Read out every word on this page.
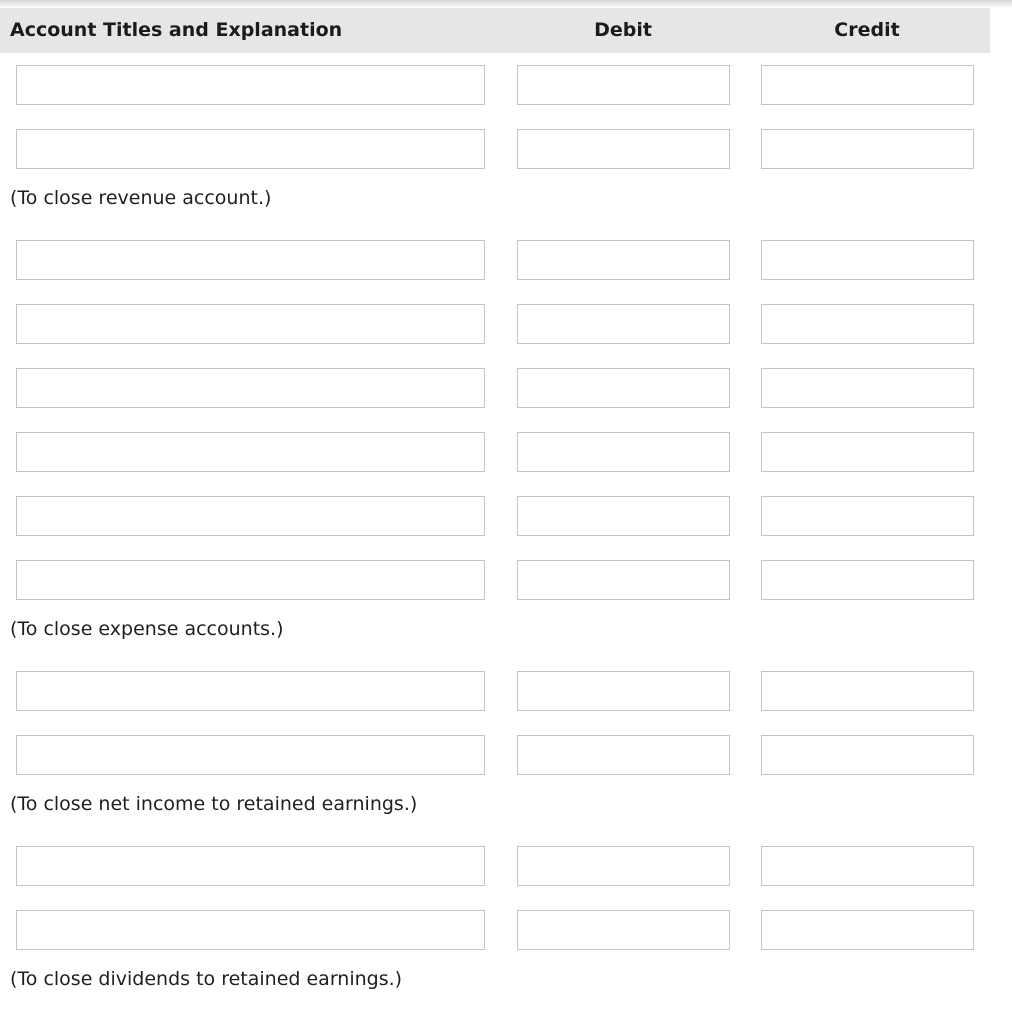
Account Titles and Explanation	Debit	Credit
(To close revenue account.)
(To close expense accounts.)
(To close net income to retained earnings.)
(To close dividends to retained earnings.)
